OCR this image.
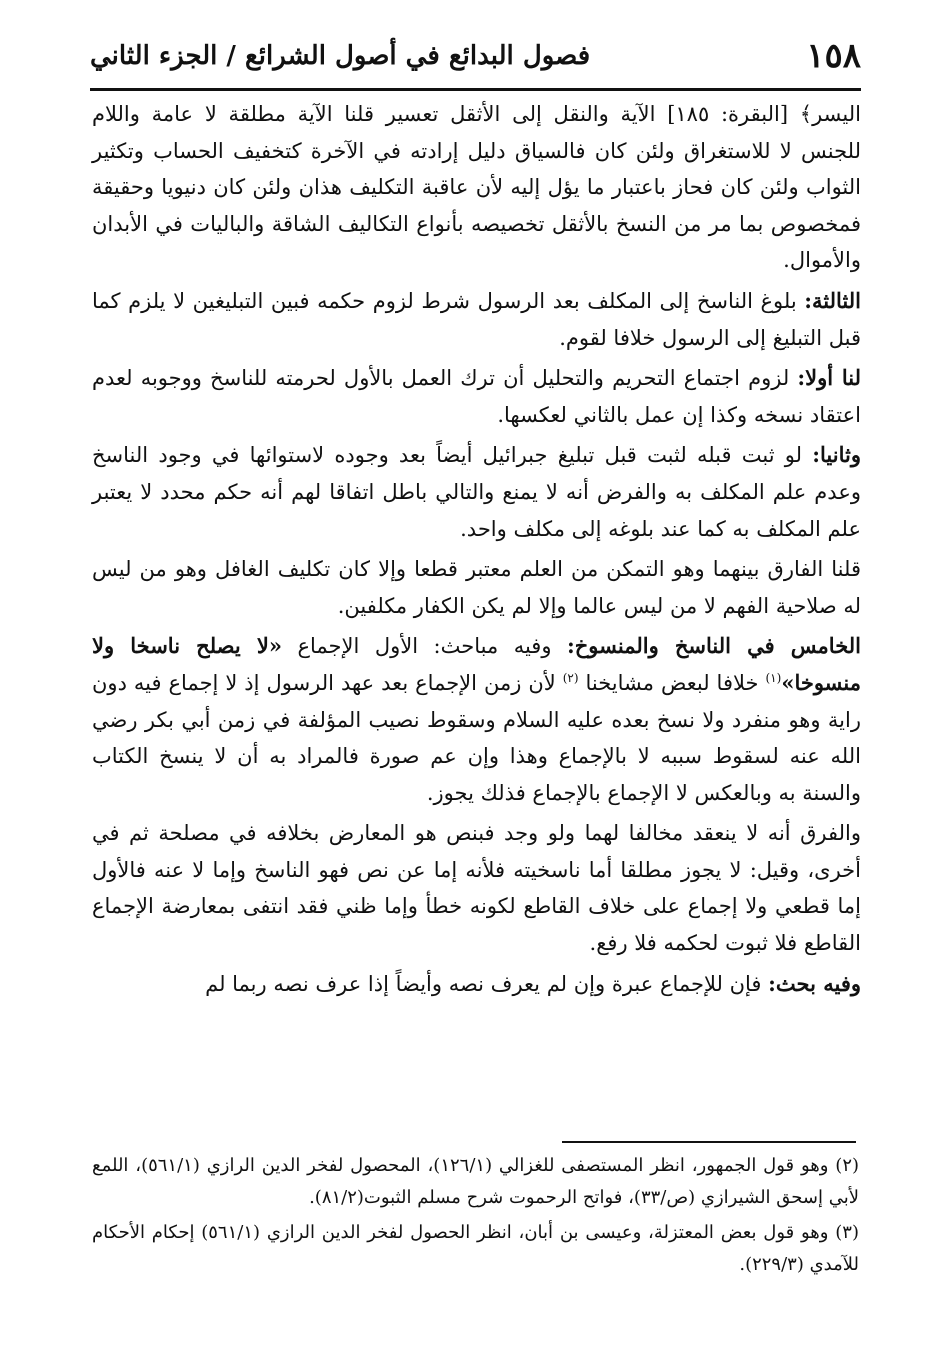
١٥٨
فصول البدائع في أصول الشرائع / الجزء الثاني

اليسر﴾ [البقرة: ١٨٥] الآية والنقل إلى الأثقل تعسير قلنا الآية مطلقة لا عامة واللام للجنس لا للاستغراق ولئن كان فالسياق دليل إرادته في الآخرة كتخفيف الحساب وتكثير الثواب ولئن كان فحاز باعتبار ما يؤل إليه لأن عاقبة التكليف هذان ولئن كان دنيويا وحقيقة فمخصوص بما مر من النسخ بالأثقل تخصيصه بأنواع التكاليف الشاقة والباليات في الأبدان والأموال.

الثالثة: بلوغ الناسخ إلى المكلف بعد الرسول شرط لزوم حكمه فبين التبليغين لا يلزم كما قبل التبليغ إلى الرسول خلافا لقوم.

لنا أولا: لزوم اجتماع التحريم والتحليل أن ترك العمل بالأول لحرمته للناسخ ووجوبه لعدم اعتقاد نسخه وكذا إن عمل بالثاني لعكسها.

وثانيا: لو ثبت قبله لثبت قبل تبليغ جبرائيل أيضاً بعد وجوده لاستوائها في وجود الناسخ وعدم علم المكلف به والفرض أنه لا يمنع والتالي باطل اتفاقا لهم أنه حكم محدد لا يعتبر علم المكلف به كما عند بلوغه إلى مكلف واحد.

قلنا الفارق بينهما وهو التمكن من العلم معتبر قطعا وإلا كان تكليف الغافل وهو من ليس له صلاحية الفهم لا من ليس عالما وإلا لم يكن الكفار مكلفين.

الخامس في الناسخ والمنسوخ: وفيه مباحث: الأول الإجماع «لا يصلح ناسخا ولا منسوخا»$^{(١)}$ خلافا لبعض مشايخنا $^{(٢)}$ لأن زمن الإجماع بعد عهد الرسول إذ لا إجماع فيه دون راية وهو منفرد ولا نسخ بعده عليه السلام وسقوط نصيب المؤلفة في زمن أبي بكر رضي الله عنه لسقوط سببه لا بالإجماع وهذا وإن عم صورة فالمراد به أن لا ينسخ الكتاب والسنة به وبالعكس لا الإجماع بالإجماع فذلك يجوز.

والفرق أنه لا ينعقد مخالفا لهما ولو وجد فبنص هو المعارض بخلافه في مصلحة ثم في أخرى، وقيل: لا يجوز مطلقا أما ناسخيته فلأنه إما عن نص فهو الناسخ وإما لا عنه فالأول إما قطعي ولا إجماع على خلاف القاطع لكونه خطأ وإما ظني فقد انتفى بمعارضة الإجماع القاطع فلا ثبوت لحكمه فلا رفع.

وفيه بحث: فإن للإجماع عبرة وإن لم يعرف نصه وأيضاً إذا عرف نصه ربما لم

(٢) وهو قول الجمهور، انظر المستصفى للغزالي (١٢٦/١)، المحصول لفخر الدين الرازي (٥٦١/١)، اللمع لأبي إسحق الشيرازي (ص/٣٣)، فواتح الرحموت شرح مسلم الثبوت(٨١/٢).

(٣) وهو قول بعض المعتزلة، وعيسى بن أبان، انظر الحصول لفخر الدين الرازي (٥٦١/١) إحكام الأحكام للآمدي (٢٢٩/٣).
